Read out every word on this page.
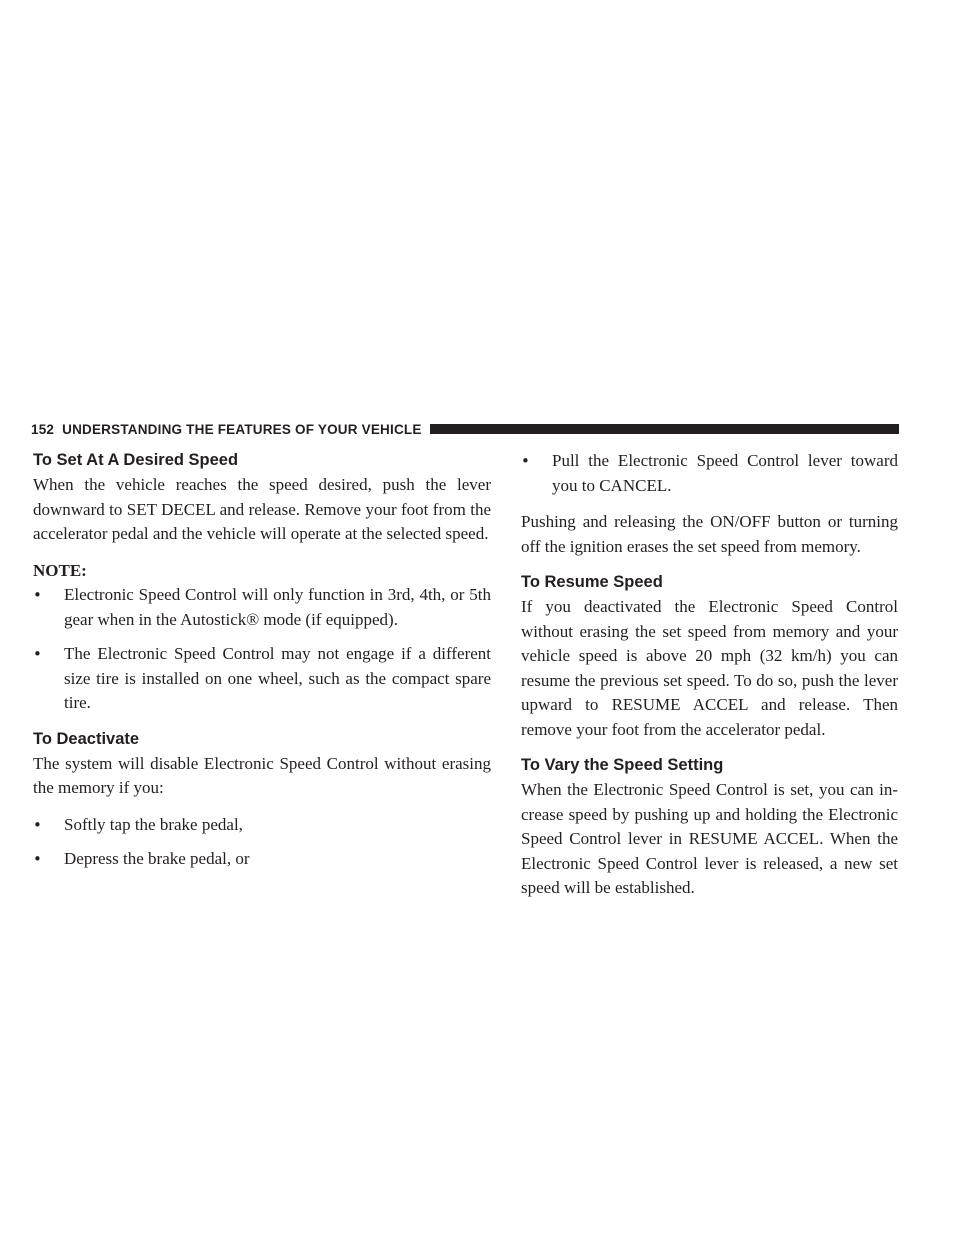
152 UNDERSTANDING THE FEATURES OF YOUR VEHICLE
To Set At A Desired Speed

When the vehicle reaches the speed desired, push the lever downward to SET DECEL and release. Remove your foot from the accelerator pedal and the vehicle will operate at the selected speed.

NOTE:

• Electronic Speed Control will only function in 3rd, 4th, or 5th gear when in the Autostick® mode (if equipped).
• The Electronic Speed Control may not engage if a different size tire is installed on one wheel, such as the compact spare tire.
To Deactivate

The system will disable Electronic Speed Control without erasing the memory if you:

• Softly tap the brake pedal,
• Depress the brake pedal, or
• Pull the Electronic Speed Control lever toward you to CANCEL.

Pushing and releasing the ON/OFF button or turning off the ignition erases the set speed from memory.

To Resume Speed

If you deactivated the Electronic Speed Control without erasing the set speed from memory and your vehicle speed is above 20 mph (32 km/h) you can resume the previous set speed. To do so, push the lever upward to RESUME ACCEL and release. Then remove your foot from the accelerator pedal.

To Vary the Speed Setting

When the Electronic Speed Control is set, you can in-crease speed by pushing up and holding the Electronic Speed Control lever in RESUME ACCEL. When the Electronic Speed Control lever is released, a new set speed will be established.
